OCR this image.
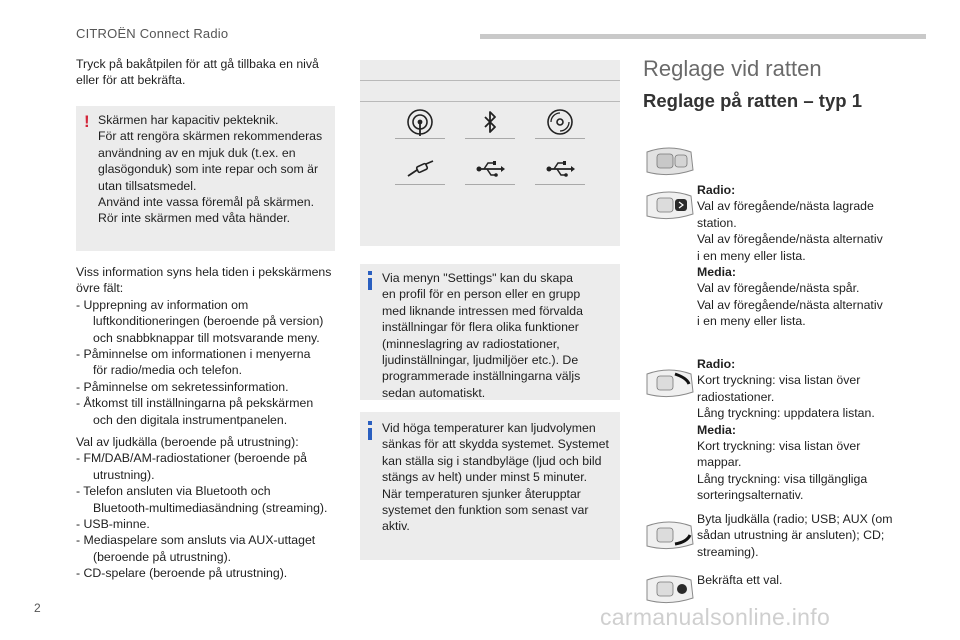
CITROËN Connect Radio
Tryck på bakåtpilen för att gå tillbaka en nivå
eller för att bekräfta.
! Skärmen har kapacitiv pekteknik.
För att rengöra skärmen rekommenderas
användning av en mjuk duk (t.ex. en
glasögonduk) som inte repar och som är
utan tillsatsmedel.
Använd inte vassa föremål på skärmen.
Rör inte skärmen med våta händer.
Viss information syns hela tiden i pekskärmens
övre fält:
- Upprepning av information om
luftkonditioneringen (beroende på version)
och snabbknappar till motsvarande meny.
- Påminnelse om informationen i menyerna
för radio/media och telefon.
- Påminnelse om sekretessinformation.
- Åtkomst till inställningarna på pekskärmen
och den digitala instrumentpanelen.
Val av ljudkälla (beroende på utrustning):
- FM/DAB/AM-radiostationer (beroende på
utrustning).
- Telefon ansluten via Bluetooth och
Bluetooth-multimediasändning (streaming).
- USB-minne.
- Mediaspelare som ansluts via AUX-uttaget
(beroende på utrustning).
- CD-spelare (beroende på utrustning).
Via menyn "Settings" kan du skapa
en profil för en person eller en grupp
med liknande intressen med förvalda
inställningar för flera olika funktioner
(minneslagring av radiostationer,
ljudinställningar, ljudmiljöer etc.). De
programmerade inställningarna väljs
sedan automatiskt.
Vid höga temperaturer kan ljudvolymen
sänkas för att skydda systemet. Systemet
kan ställa sig i standbyläge (ljud och bild
stängs av helt) under minst 5 minuter.
När temperaturen sjunker återupptar
systemet den funktion som senast var
aktiv.
Reglage vid ratten
Reglage på ratten – typ 1
Radio:
Val av föregående/nästa lagrade
station.
Val av föregående/nästa alternativ
i en meny eller lista.
Media:
Val av föregående/nästa spår.
Val av föregående/nästa alternativ
i en meny eller lista.
Radio:
Kort tryckning: visa listan över
radiostationer.
Lång tryckning: uppdatera listan.
Media:
Kort tryckning: visa listan över
mappar.
Lång tryckning: visa tillgängliga
sorteringsalternativ.
Byta ljudkälla (radio; USB; AUX (om
sådan utrustning är ansluten); CD;
streaming).
Bekräfta ett val.
2	carmanualsonline.info
